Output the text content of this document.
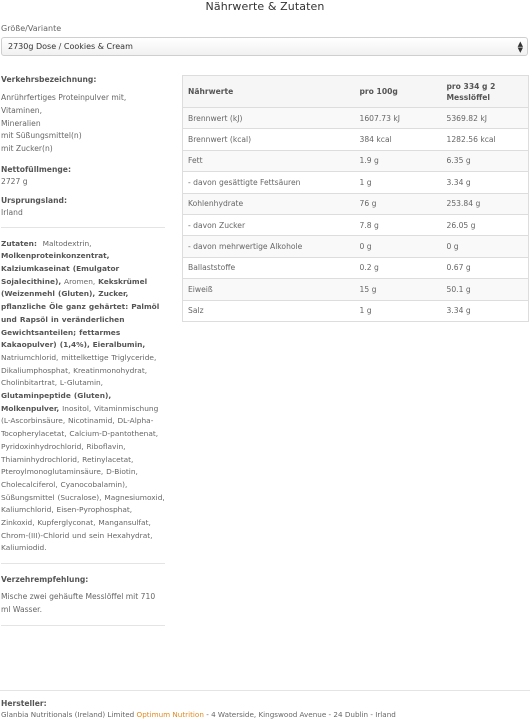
Nährwerte & Zutaten
Größe/Variante
2730g Dose / Cookies & Cream	▲
▼
Verkehrsbezeichnung:
Anrührfertiges Proteinpulver mit, Vitaminen,
Mineralien
mit Süßungsmittel(n)
mit Zucker(n)
Nettofüllmenge:
2727 g
Ursprungsland:
Irland
Zutaten: Maltodextrin, Molkenproteinkonzentrat, Kalziumkaseinat (Emulgator Sojalecithine), Aromen, Kekskrümel (Weizenmehl (Gluten), Zucker, pflanzliche Öle ganz gehärtet: Palmöl und Rapsöl in veränderlichen Gewichtsanteilen; fettarmes Kakaopulver) (1,4%), Eieralbumin, Natriumchlorid, mittelkettige Triglyceride, Dikaliumphosphat, Kreatinmonohydrat, Cholinbitartrat, L-Glutamin, Glutaminpeptide (Gluten), Molkenpulver, Inositol, Vitaminmischung (L-Ascorbinsäure, Nicotinamid, DL-Alpha-Tocopherylacetat, Calcium-D-pantothenat, Pyridoxinhydrochlorid, Riboflavin, Thiaminhydrochlorid, Retinylacetat, Pteroylmonoglutaminsäure, D-Biotin, Cholecalciferol, Cyanocobalamin), Süßungsmittel (Sucralose), Magnesiumoxid, Kaliumchlorid, Eisen-Pyrophosphat, Zinkoxid, Kupferglyconat, Mangansulfat, Chrom-(III)-Chlorid und sein Hexahydrat, Kaliumiodid.
Verzehrempfehlung:
Mische zwei gehäufte Messlöffel mit 710 ml Wasser.
Nährwerte	pro 100g	pro 334 g 2 Messlöffel
Brennwert (kJ)	1607.73 kJ	5369.82 kJ
Brennwert (kcal)	384 kcal	1282.56 kcal
Fett	1.9 g	6.35 g
- davon gesättigte Fettsäuren	1 g	3.34 g
Kohlenhydrate	76 g	253.84 g
- davon Zucker	7.8 g	26.05 g
- davon mehrwertige Alkohole	0 g	0 g
Ballaststoffe	0.2 g	0.67 g
Eiweiß	15 g	50.1 g
Salz	1 g	3.34 g
Hersteller:
Glanbia Nutritionals (Ireland) Limited Optimum Nutrition - 4 Waterside, Kingswood Avenue - 24 Dublin - Irland
